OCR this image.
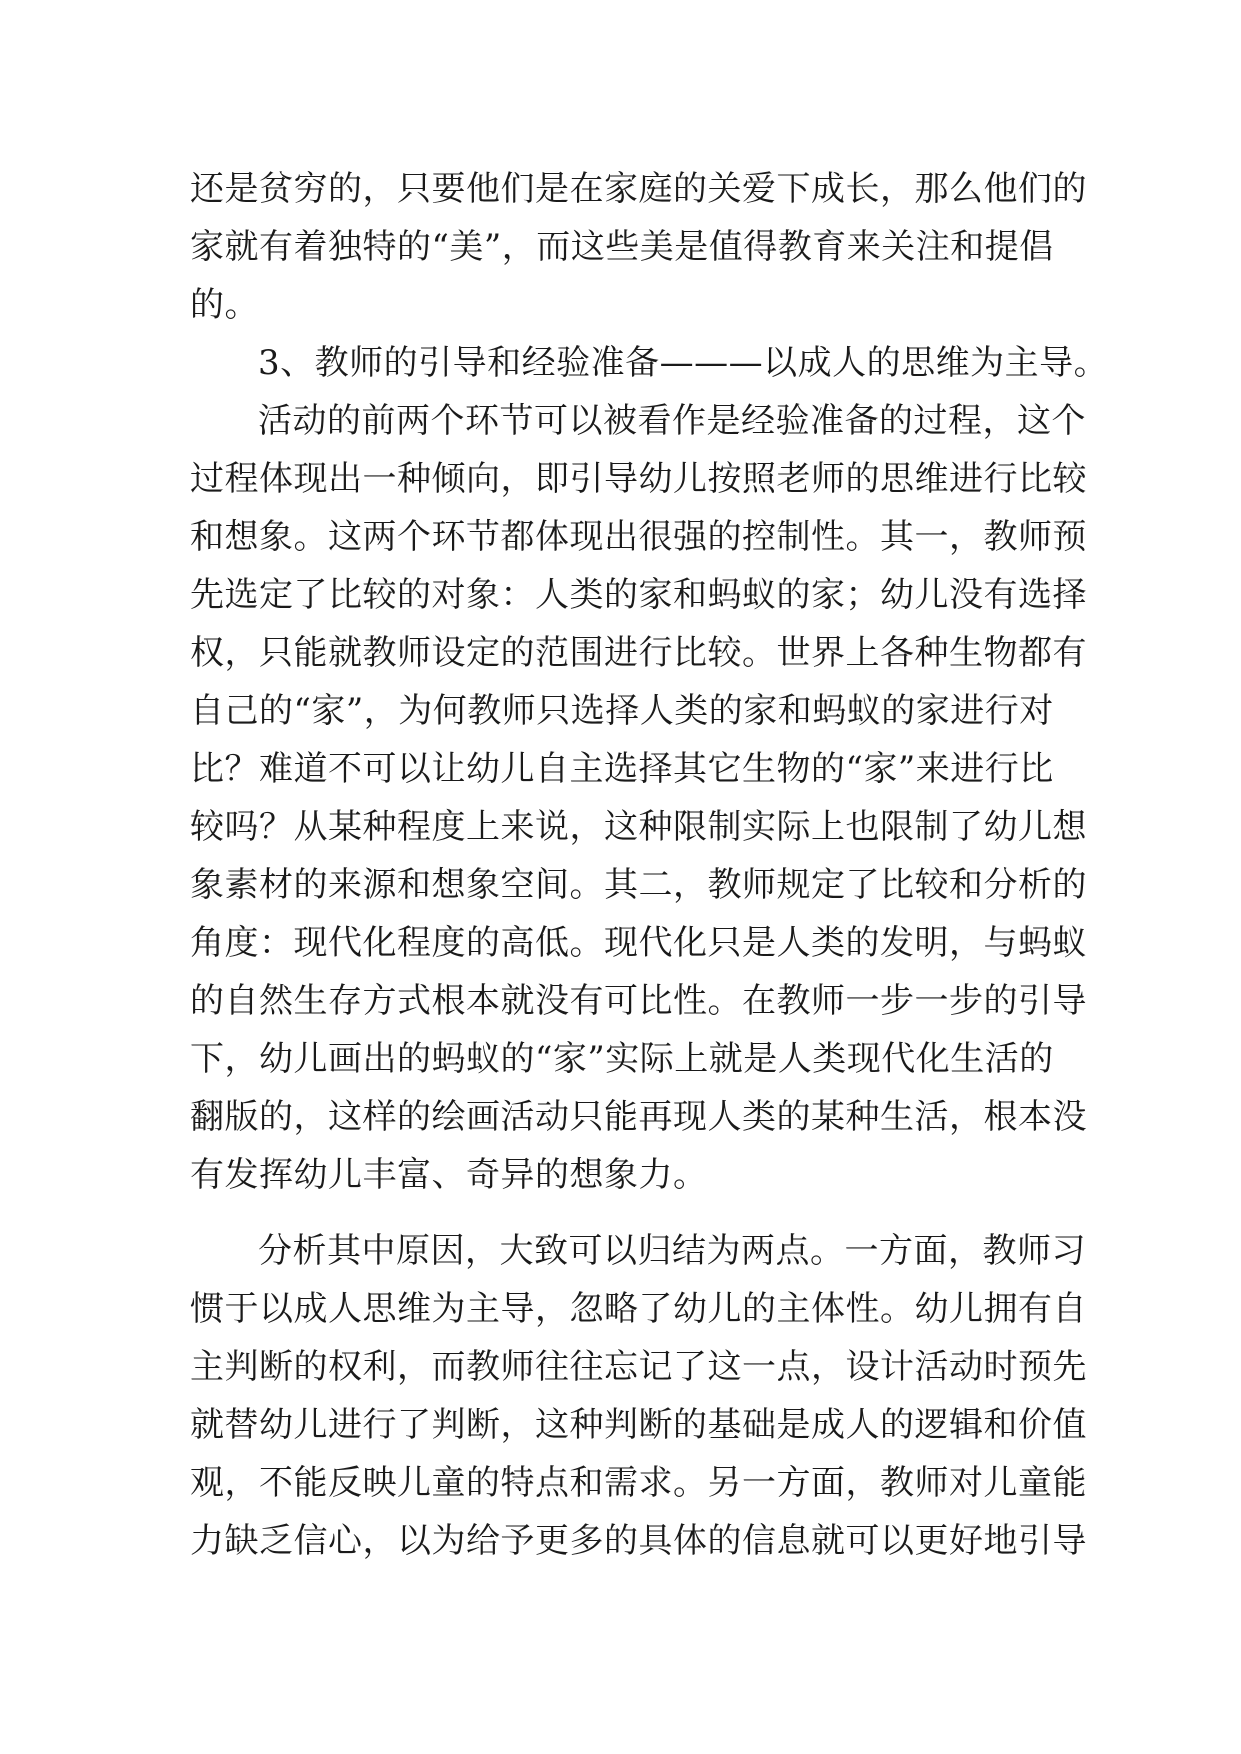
还是贫穷的，只要他们是在家庭的关爱下成长，那么他们的
家就有着独特的“美”，而这些美是值得教育来关注和提倡
的。
3、教师的引导和经验准备———以成人的思维为主导。
活动的前两个环节可以被看作是经验准备的过程，这个
过程体现出一种倾向，即引导幼儿按照老师的思维进行比较
和想象。这两个环节都体现出很强的控制性。其一，教师预
先选定了比较的对象：人类的家和蚂蚁的家；幼儿没有选择
权，只能就教师设定的范围进行比较。世界上各种生物都有
自己的“家”，为何教师只选择人类的家和蚂蚁的家进行对
比？难道不可以让幼儿自主选择其它生物的“家”来进行比
较吗？从某种程度上来说，这种限制实际上也限制了幼儿想
象素材的来源和想象空间。其二，教师规定了比较和分析的
角度：现代化程度的高低。现代化只是人类的发明，与蚂蚁
的自然生存方式根本就没有可比性。在教师一步一步的引导
下，幼儿画出的蚂蚁的“家”实际上就是人类现代化生活的
翻版的，这样的绘画活动只能再现人类的某种生活，根本没
有发挥幼儿丰富、奇异的想象力。
分析其中原因，大致可以归结为两点。一方面，教师习
惯于以成人思维为主导，忽略了幼儿的主体性。幼儿拥有自
主判断的权利，而教师往往忘记了这一点，设计活动时预先
就替幼儿进行了判断，这种判断的基础是成人的逻辑和价值
观，不能反映儿童的特点和需求。另一方面，教师对儿童能
力缺乏信心，以为给予更多的具体的信息就可以更好地引导
